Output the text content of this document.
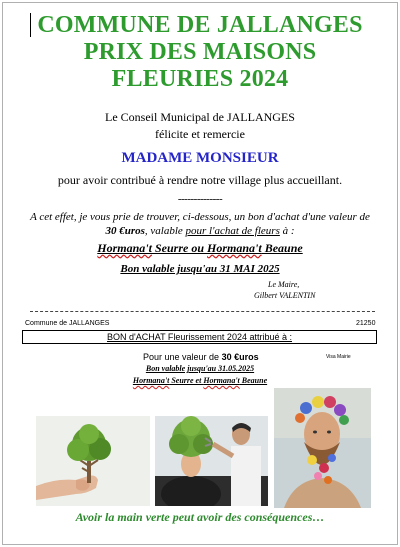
COMMUNE DE JALLANGES
PRIX DES MAISONS
FLEURIES 2024
Le Conseil Municipal de JALLANGES
félicite et remercie
MADAME MONSIEUR
pour avoir contribué à rendre notre village plus accueillant.
--------------
A cet effet, je vous prie de trouver, ci-dessous, un bon d'achat d'une valeur de
30 €uros, valable pour l'achat de fleurs à :
Hormana't Seurre ou Hormana't Beaune
Bon valable jusqu'au 31 MAI 2025
Le Maire,
Gilbert VALENTIN
Commune de JALLANGES	21250
BON d'ACHAT Fleurissement 2024 attribué à :
Pour une valeur de 30 €uros	Visa Mairie
Bon valable jusqu'au 31.05.2025
Hormana't Seurre et Hormana't Beaune
Avoir la main verte peut avoir des conséquences…
